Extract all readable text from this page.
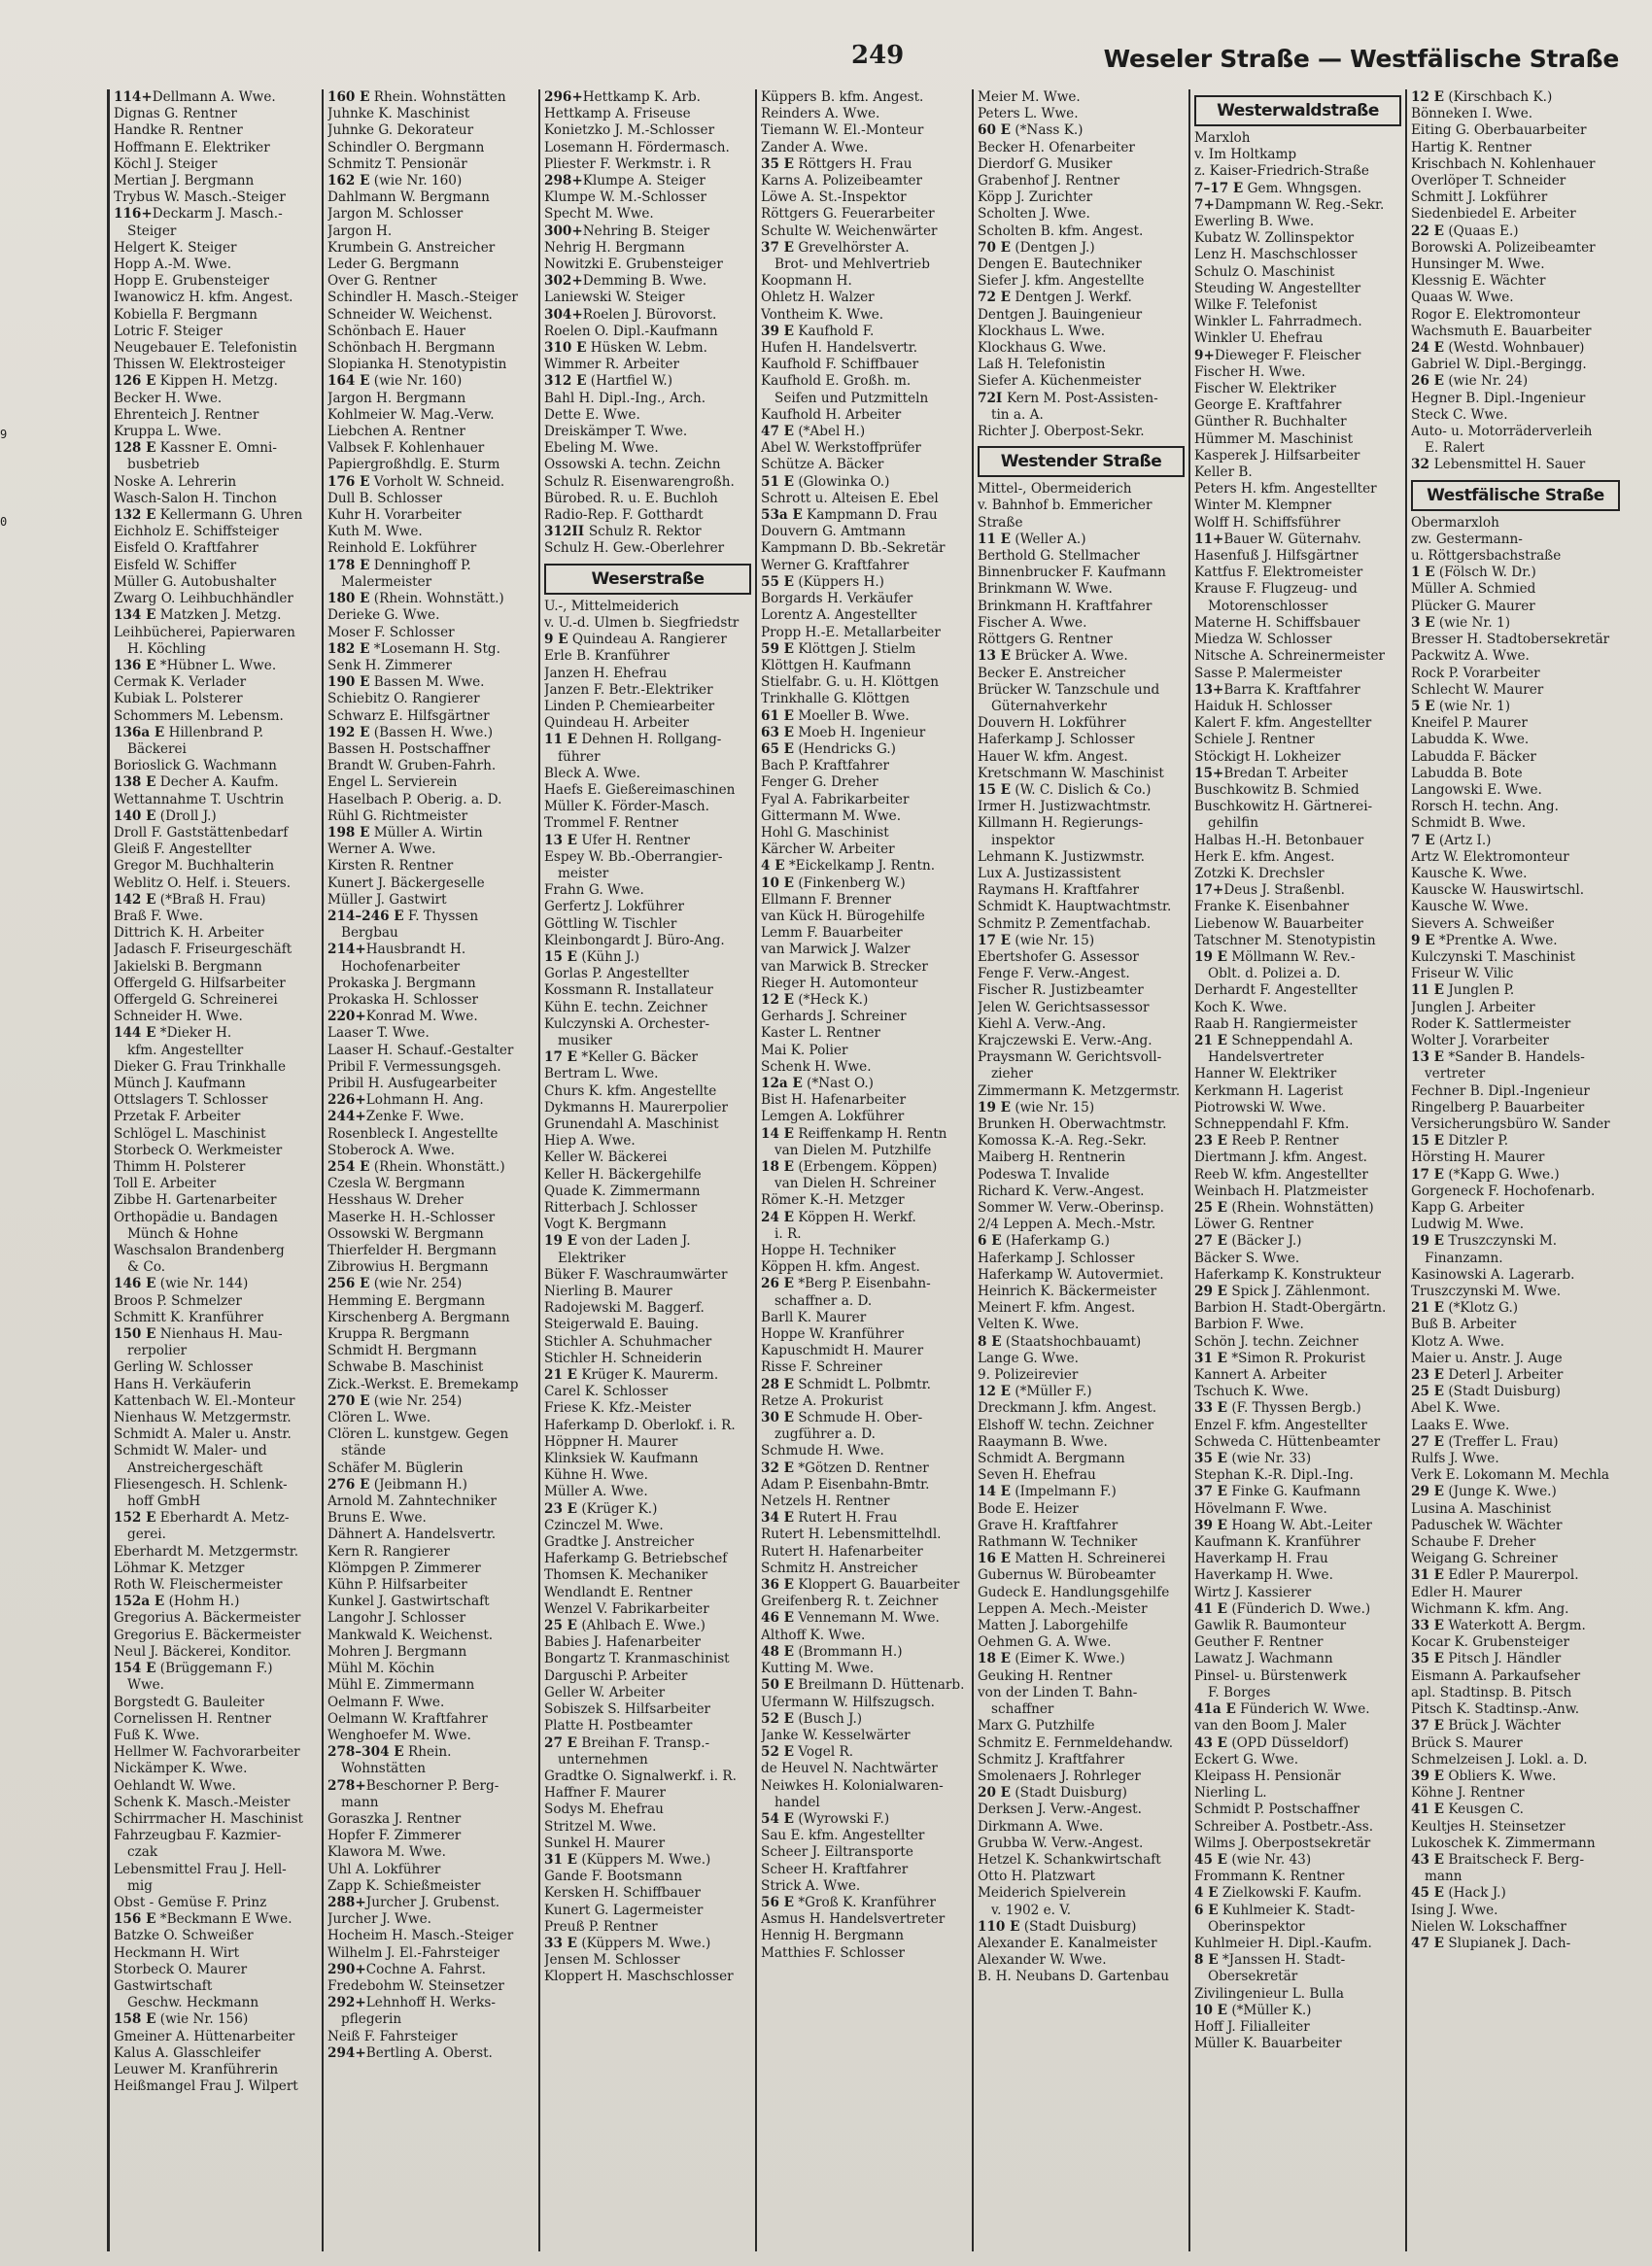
9
0
249	Weseler Straße — Westfälische Straße
114+Dellmann A. Wwe.
Dignas G. Rentner
Handke R. Rentner
Hoffmann E. Elektriker
Köchl J. Steiger
Mertian J. Bergmann
Trybus W. Masch.-Steiger
116+Deckarm J. Masch.-
Steiger
Helgert K. Steiger
Hopp A.-M. Wwe.
Hopp E. Grubensteiger
Iwanowicz H. kfm. Angest.
Kobiella F. Bergmann
Lotric F. Steiger
Neugebauer E. Telefonistin
Thissen W. Elektrosteiger
126 E Kippen H. Metzg.
Becker H. Wwe.
Ehrenteich J. Rentner
Kruppa L. Wwe.
128 E Kassner E. Omni-
busbetrieb
Noske A. Lehrerin
Wasch-Salon H. Tinchon
132 E Kellermann G. Uhren
Eichholz E. Schiffsteiger
Eisfeld O. Kraftfahrer
Eisfeld W. Schiffer
Müller G. Autobushalter
Zwarg O. Leihbuchhändler
134 E Matzken J. Metzg.
Leihbücherei, Papierwaren
H. Köchling
136 E *Hübner L. Wwe.
Cermak K. Verlader
Kubiak L. Polsterer
Schommers M. Lebensm.
136a E Hillenbrand P.
Bäckerei
Borioslick G. Wachmann
138 E Decher A. Kaufm.
Wettannahme T. Uschtrin
140 E (Droll J.)
Droll F. Gaststättenbedarf
Gleiß F. Angestellter
Gregor M. Buchhalterin
Weblitz O. Helf. i. Steuers.
142 E (*Braß H. Frau)
Braß F. Wwe.
Dittrich K. H. Arbeiter
Jadasch F. Friseurgeschäft
Jakielski B. Bergmann
Offergeld G. Hilfsarbeiter
Offergeld G. Schreinerei
Schneider H. Wwe.
144 E *Dieker H.
kfm. Angestellter
Dieker G. Frau Trinkhalle
Münch J. Kaufmann
Ottslagers T. Schlosser
Przetak F. Arbeiter
Schlögel L. Maschinist
Storbeck O. Werkmeister
Thimm H. Polsterer
Toll E. Arbeiter
Zibbe H. Gartenarbeiter
Orthopädie u. Bandagen
Münch & Hohne
Waschsalon Brandenberg
& Co.
146 E (wie Nr. 144)
Broos P. Schmelzer
Schmitt K. Kranführer
150 E Nienhaus H. Mau-
rerpolier
Gerling W. Schlosser
Hans H. Verkäuferin
Kattenbach W. El.-Monteur
Nienhaus W. Metzgermstr.
Schmidt A. Maler u. Anstr.
Schmidt W. Maler- und
Anstreichergeschäft
Fliesengesch. H. Schlenk-
hoff GmbH
152 E Eberhardt A. Metz-
gerei.
Eberhardt M. Metzgermstr.
Löhmar K. Metzger
Roth W. Fleischermeister
152a E (Hohm H.)
Gregorius A. Bäckermeister
Gregorius E. Bäckermeister
Neul J. Bäckerei, Konditor.
154 E (Brüggemann F.)
Wwe.
Borgstedt G. Bauleiter
Cornelissen H. Rentner
Fuß K. Wwe.
Hellmer W. Fachvorarbeiter
Nickämper K. Wwe.
Oehlandt W. Wwe.
Schenk K. Masch.-Meister
Schirrmacher H. Maschinist
Fahrzeugbau F. Kazmier-
czak
Lebensmittel Frau J. Hell-
mig
Obst - Gemüse F. Prinz
156 E *Beckmann E Wwe.
Batzke O. Schweißer
Heckmann H. Wirt
Storbeck O. Maurer
Gastwirtschaft
Geschw. Heckmann
158 E (wie Nr. 156)
Gmeiner A. Hüttenarbeiter
Kalus A. Glasschleifer
Leuwer M. Kranführerin
Heißmangel Frau J. Wilpert
160 E Rhein. Wohnstätten
Juhnke K. Maschinist
Juhnke G. Dekorateur
Schindler O. Bergmann
Schmitz T. Pensionär
162 E (wie Nr. 160)
Dahlmann W. Bergmann
Jargon M. Schlosser
Jargon H.
Krumbein G. Anstreicher
Leder G. Bergmann
Over G. Rentner
Schindler H. Masch.-Steiger
Schneider W. Weichenst.
Schönbach E. Hauer
Schönbach H. Bergmann
Slopianka H. Stenotypistin
164 E (wie Nr. 160)
Jargon H. Bergmann
Kohlmeier W. Mag.-Verw.
Liebchen A. Rentner
Valbsek F. Kohlenhauer
Papiergroßhdlg. E. Sturm
176 E Vorholt W. Schneid.
Dull B. Schlosser
Kuhr H. Vorarbeiter
Kuth M. Wwe.
Reinhold E. Lokführer
178 E Denninghoff P.
Malermeister
180 E (Rhein. Wohnstätt.)
Derieke G. Wwe.
Moser F. Schlosser
182 E *Losemann H. Stg.
Senk H. Zimmerer
190 E Bassen M. Wwe.
Schiebitz O. Rangierer
Schwarz E. Hilfsgärtner
192 E (Bassen H. Wwe.)
Bassen H. Postschaffner
Brandt W. Gruben-Fahrh.
Engel L. Servierein
Haselbach P. Oberig. a. D.
Rühl G. Richtmeister
198 E Müller A. Wirtin
Werner A. Wwe.
Kirsten R. Rentner
Kunert J. Bäckergeselle
Müller J. Gastwirt
214–246 E F. Thyssen
Bergbau
214+Hausbrandt H.
Hochofenarbeiter
Prokaska J. Bergmann
Prokaska H. Schlosser
220+Konrad M. Wwe.
Laaser T. Wwe.
Laaser H. Schauf.-Gestalter
Pribil F. Vermessungsgeh.
Pribil H. Ausfugearbeiter
226+Lohmann H. Ang.
244+Zenke F. Wwe.
Rosenbleck I. Angestellte
Stoberock A. Wwe.
254 E (Rhein. Whonstätt.)
Czesla W. Bergmann
Hesshaus W. Dreher
Maserke H. H.-Schlosser
Ossowski W. Bergmann
Thierfelder H. Bergmann
Zibrowius H. Bergmann
256 E (wie Nr. 254)
Hemming E. Bergmann
Kirschenberg A. Bergmann
Kruppa R. Bergmann
Schmidt H. Bergmann
Schwabe B. Maschinist
Zick.-Werkst. E. Bremekamp
270 E (wie Nr. 254)
Clören L. Wwe.
Clören L. kunstgew. Gegen
stände
Schäfer M. Büglerin
276 E (Jeibmann H.)
Arnold M. Zahntechniker
Bruns E. Wwe.
Dähnert A. Handelsvertr.
Kern R. Rangierer
Klömpgen P. Zimmerer
Kühn P. Hilfsarbeiter
Kunkel J. Gastwirtschaft
Langohr J. Schlosser
Mankwald K. Weichenst.
Mohren J. Bergmann
Mühl M. Köchin
Mühl E. Zimmermann
Oelmann F. Wwe.
Oelmann W. Kraftfahrer
Wenghoefer M. Wwe.
278–304 E Rhein.
Wohnstätten
278+Beschorner P. Berg-
mann
Goraszka J. Rentner
Hopfer F. Zimmerer
Klawora M. Wwe.
Uhl A. Lokführer
Zapp K. Schießmeister
288+Jurcher J. Grubenst.
Jurcher J. Wwe.
Hocheim H. Masch.-Steiger
Wilhelm J. El.-Fahrsteiger
290+Cochne A. Fahrst.
Fredebohm W. Steinsetzer
292+Lehnhoff H. Werks-
pflegerin
Neiß F. Fahrsteiger
294+Bertling A. Oberst.
296+Hettkamp K. Arb.
Hettkamp A. Friseuse
Konietzko J. M.-Schlosser
Losemann H. Fördermasch.
Pliester F. Werkmstr. i. R
298+Klumpe A. Steiger
Klumpe W. M.-Schlosser
Specht M. Wwe.
300+Nehring B. Steiger
Nehrig H. Bergmann
Nowitzki E. Grubensteiger
302+Demming B. Wwe.
Laniewski W. Steiger
304+Roelen J. Bürovorst.
Roelen O. Dipl.-Kaufmann
310 E Hüsken W. Lebm.
Wimmer R. Arbeiter
312 E (Hartfiel W.)
Bahl H. Dipl.-Ing., Arch.
Dette E. Wwe.
Dreiskämper T. Wwe.
Ebeling M. Wwe.
Ossowski A. techn. Zeichn
Schulz R. Eisenwarengroßh.
Bürobed. R. u. E. Buchloh
Radio-Rep. F. Gotthardt
312II Schulz R. Rektor
Schulz H. Gew.-Oberlehrer
Weserstraße
U.-, Mittelmeiderich
v. U.-d. Ulmen b. Siegfriedstr
9 E Quindeau A. Rangierer
Erle B. Kranführer
Janzen H. Ehefrau
Janzen F. Betr.-Elektriker
Linden P. Chemiearbeiter
Quindeau H. Arbeiter
11 E Dehnen H. Rollgang-
führer
Bleck A. Wwe.
Haefs E. Gießereimaschinen
Müller K. Förder-Masch.
Trommel F. Rentner
13 E Ufer H. Rentner
Espey W. Bb.-Oberrangier-
meister
Frahn G. Wwe.
Gerfertz J. Lokführer
Göttling W. Tischler
Kleinbongardt J. Büro-Ang.
15 E (Kühn J.)
Gorlas P. Angestellter
Kossmann R. Installateur
Kühn E. techn. Zeichner
Kulczynski A. Orchester-
musiker
17 E *Keller G. Bäcker
Bertram L. Wwe.
Churs K. kfm. Angestellte
Dykmanns H. Maurerpolier
Grunendahl A. Maschinist
Hiep A. Wwe.
Keller W. Bäckerei
Keller H. Bäckergehilfe
Quade K. Zimmermann
Ritterbach J. Schlosser
Vogt K. Bergmann
19 E von der Laden J.
Elektriker
Büker F. Waschraumwärter
Nierling B. Maurer
Radojewski M. Baggerf.
Steigerwald E. Bauing.
Stichler A. Schuhmacher
Stichler H. Schneiderin
21 E Krüger K. Maurerm.
Carel K. Schlosser
Friese K. Kfz.-Meister
Haferkamp D. Oberlokf. i. R.
Höppner H. Maurer
Klinksiek W. Kaufmann
Kühne H. Wwe.
Müller A. Wwe.
23 E (Krüger K.)
Czinczel M. Wwe.
Gradtke J. Anstreicher
Haferkamp G. Betriebschef
Thomsen K. Mechaniker
Wendlandt E. Rentner
Wenzel V. Fabrikarbeiter
25 E (Ahlbach E. Wwe.)
Babies J. Hafenarbeiter
Bongartz T. Kranmaschinist
Darguschi P. Arbeiter
Geller W. Arbeiter
Sobiszek S. Hilfsarbeiter
Platte H. Postbeamter
27 E Breihan F. Transp.-
unternehmen
Gradtke O. Signalwerkf. i. R.
Haffner F. Maurer
Sodys M. Ehefrau
Stritzel M. Wwe.
Sunkel H. Maurer
31 E (Küppers M. Wwe.)
Gande F. Bootsmann
Kersken H. Schiffbauer
Kunert G. Lagermeister
Preuß P. Rentner
33 E (Küppers M. Wwe.)
Jensen M. Schlosser
Kloppert H. Maschschlosser
Küppers B. kfm. Angest.
Reinders A. Wwe.
Tiemann W. El.-Monteur
Zander A. Wwe.
35 E Röttgers H. Frau
Karns A. Polizeibeamter
Löwe A. St.-Inspektor
Röttgers G. Feuerarbeiter
Schulte W. Weichenwärter
37 E Grevelhörster A.
Brot- und Mehlvertrieb
Koopmann H.
Ohletz H. Walzer
Vontheim K. Wwe.
39 E Kaufhold F.
Hufen H. Handelsvertr.
Kaufhold F. Schiffbauer
Kaufhold E. Großh. m.
Seifen und Putzmitteln
Kaufhold H. Arbeiter
47 E (*Abel H.)
Abel W. Werkstoffprüfer
Schütze A. Bäcker
51 E (Glowinka O.)
Schrott u. Alteisen E. Ebel
53a E Kampmann D. Frau
Douvern G. Amtmann
Kampmann D. Bb.-Sekretär
Werner G. Kraftfahrer
55 E (Küppers H.)
Borgards H. Verkäufer
Lorentz A. Angestellter
Propp H.-E. Metallarbeiter
59 E Klöttgen J. Stielm
Klöttgen H. Kaufmann
Stielfabr. G. u. H. Klöttgen
Trinkhalle G. Klöttgen
61 E Moeller B. Wwe.
63 E Moeb H. Ingenieur
65 E (Hendricks G.)
Bach P. Kraftfahrer
Fenger G. Dreher
Fyal A. Fabrikarbeiter
Gittermann M. Wwe.
Hohl G. Maschinist
Kärcher W. Arbeiter
4 E *Eickelkamp J. Rentn.
10 E (Finkenberg W.)
Ellmann F. Brenner
van Kück H. Bürogehilfe
Lemm F. Bauarbeiter
van Marwick J. Walzer
van Marwick B. Strecker
Rieger H. Automonteur
12 E (*Heck K.)
Gerhards J. Schreiner
Kaster L. Rentner
Mai K. Polier
Schenk H. Wwe.
12a E (*Nast O.)
Bist H. Hafenarbeiter
Lemgen A. Lokführer
14 E Reiffenkamp H. Rentn
van Dielen M. Putzhilfe
18 E (Erbengem. Köppen)
van Dielen H. Schreiner
Römer K.-H. Metzger
24 E Köppen H. Werkf.
i. R.
Hoppe H. Techniker
Köppen H. kfm. Angest.
26 E *Berg P. Eisenbahn-
schaffner a. D.
Barll K. Maurer
Hoppe W. Kranführer
Kapuschmidt H. Maurer
Risse F. Schreiner
28 E Schmidt L. Polbmtr.
Retze A. Prokurist
30 E Schmude H. Ober-
zugführer a. D.
Schmude H. Wwe.
32 E *Götzen D. Rentner
Adam P. Eisenbahn-Bmtr.
Netzels H. Rentner
34 E Rutert H. Frau
Rutert H. Lebensmittelhdl.
Rutert H. Hafenarbeiter
Schmitz H. Anstreicher
36 E Kloppert G. Bauarbeiter
Greifenberg R. t. Zeichner
46 E Vennemann M. Wwe.
Althoff K. Wwe.
48 E (Brommann H.)
Kutting M. Wwe.
50 E Breilmann D. Hüttenarb.
Ufermann W. Hilfszugsch.
52 E (Busch J.)
Janke W. Kesselwärter
52 E Vogel R.
de Heuvel N. Nachtwärter
Neiwkes H. Kolonialwaren-
handel
54 E (Wyrowski F.)
Sau E. kfm. Angestellter
Scheer J. Eiltransporte
Scheer H. Kraftfahrer
Strick A. Wwe.
56 E *Groß K. Kranführer
Asmus H. Handelsvertreter
Hennig H. Bergmann
Matthies F. Schlosser
Meier M. Wwe.
Peters L. Wwe.
60 E (*Nass K.)
Becker H. Ofenarbeiter
Dierdorf G. Musiker
Grabenhof J. Rentner
Köpp J. Zurichter
Scholten J. Wwe.
Scholten B. kfm. Angest.
70 E (Dentgen J.)
Dengen E. Bautechniker
Siefer J. kfm. Angestellte
72 E Dentgen J. Werkf.
Dentgen J. Bauingenieur
Klockhaus L. Wwe.
Klockhaus G. Wwe.
Laß H. Telefonistin
Siefer A. Küchenmeister
72I Kern M. Post-Assisten-
tin a. A.
Richter J. Oberpost-Sekr.
Westender Straße
Mittel-, Obermeiderich
v. Bahnhof b. Emmericher
Straße
11 E (Weller A.)
Berthold G. Stellmacher
Binnenbrucker F. Kaufmann
Brinkmann W. Wwe.
Brinkmann H. Kraftfahrer
Fischer A. Wwe.
Röttgers G. Rentner
13 E Brücker A. Wwe.
Becker E. Anstreicher
Brücker W. Tanzschule und
Güternahverkehr
Douvern H. Lokführer
Haferkamp J. Schlosser
Hauer W. kfm. Angest.
Kretschmann W. Maschinist
15 E (W. C. Dislich & Co.)
Irmer H. Justizwachtmstr.
Killmann H. Regierungs-
inspektor
Lehmann K. Justizwmstr.
Lux A. Justizassistent
Raymans H. Kraftfahrer
Schmidt K. Hauptwachtmstr.
Schmitz P. Zementfachab.
17 E (wie Nr. 15)
Ebertshofer G. Assessor
Fenge F. Verw.-Angest.
Fischer R. Justizbeamter
Jelen W. Gerichtsassessor
Kiehl A. Verw.-Ang.
Krajczewski E. Verw.-Ang.
Praysmann W. Gerichtsvoll-
zieher
Zimmermann K. Metzgermstr.
19 E (wie Nr. 15)
Brunken H. Oberwachtmstr.
Komossa K.-A. Reg.-Sekr.
Maiberg H. Rentnerin
Podeswa T. Invalide
Richard K. Verw.-Angest.
Sommer W. Verw.-Oberinsp.
2/4 Leppen A. Mech.-Mstr.
6 E (Haferkamp G.)
Haferkamp J. Schlosser
Haferkamp W. Autovermiet.
Heinrich K. Bäckermeister
Meinert F. kfm. Angest.
Velten K. Wwe.
8 E (Staatshochbauamt)
Lange G. Wwe.
9. Polizeirevier
12 E (*Müller F.)
Dreckmann J. kfm. Angest.
Elshoff W. techn. Zeichner
Raaymann B. Wwe.
Schmidt A. Bergmann
Seven H. Ehefrau
14 E (Impelmann F.)
Bode E. Heizer
Grave H. Kraftfahrer
Rathmann W. Techniker
16 E Matten H. Schreinerei
Gubernus W. Bürobeamter
Gudeck E. Handlungsgehilfe
Leppen A. Mech.-Meister
Matten J. Laborgehilfe
Oehmen G. A. Wwe.
18 E (Eimer K. Wwe.)
Geuking H. Rentner
von der Linden T. Bahn-
schaffner
Marx G. Putzhilfe
Schmitz E. Fernmeldehandw.
Schmitz J. Kraftfahrer
Smolenaers J. Rohrleger
20 E (Stadt Duisburg)
Derksen J. Verw.-Angest.
Dirkmann A. Wwe.
Grubba W. Verw.-Angest.
Hetzel K. Schankwirtschaft
Otto H. Platzwart
Meiderich Spielverein
v. 1902 e. V.
110 E (Stadt Duisburg)
Alexander E. Kanalmeister
Alexander W. Wwe.
B. H. Neubans D. Gartenbau
Westerwaldstraße
Marxloh
v. Im Holtkamp
z. Kaiser-Friedrich-Straße
7–17 E Gem. Whngsgen.
7+Dampmann W. Reg.-Sekr.
Ewerling B. Wwe.
Kubatz W. Zollinspektor
Lenz H. Maschschlosser
Schulz O. Maschinist
Steuding W. Angestellter
Wilke F. Telefonist
Winkler L. Fahrradmech.
Winkler U. Ehefrau
9+Dieweger F. Fleischer
Fischer H. Wwe.
Fischer W. Elektriker
George E. Kraftfahrer
Günther R. Buchhalter
Hümmer M. Maschinist
Kasperek J. Hilfsarbeiter
Keller B.
Peters H. kfm. Angestellter
Winter M. Klempner
Wolff H. Schiffsführer
11+Bauer W. Güternahv.
Hasenfuß J. Hilfsgärtner
Kattfus F. Elektromeister
Krause F. Flugzeug- und
Motorenschlosser
Materne H. Schiffsbauer
Miedza W. Schlosser
Nitsche A. Schreinermeister
Sasse P. Malermeister
13+Barra K. Kraftfahrer
Haiduk H. Schlosser
Kalert F. kfm. Angestellter
Schiele J. Rentner
Stöckigt H. Lokheizer
15+Bredan T. Arbeiter
Buschkowitz B. Schmied
Buschkowitz H. Gärtnerei-
gehilfin
Halbas H.-H. Betonbauer
Herk E. kfm. Angest.
Zotzki K. Drechsler
17+Deus J. Straßenbl.
Franke K. Eisenbahner
Liebenow W. Bauarbeiter
Tatschner M. Stenotypistin
19 E Möllmann W. Rev.-
Oblt. d. Polizei a. D.
Derhardt F. Angestellter
Koch K. Wwe.
Raab H. Rangiermeister
21 E Schneppendahl A.
Handelsvertreter
Hanner W. Elektriker
Kerkmann H. Lagerist
Piotrowski W. Wwe.
Schneppendahl F. Kfm.
23 E Reeb P. Rentner
Diertmann J. kfm. Angest.
Reeb W. kfm. Angestellter
Weinbach H. Platzmeister
25 E (Rhein. Wohnstätten)
Löwer G. Rentner
27 E (Bäcker J.)
Bäcker S. Wwe.
Haferkamp K. Konstrukteur
29 E Spick J. Zählenmont.
Barbion H. Stadt-Obergärtn.
Barbion F. Wwe.
Schön J. techn. Zeichner
31 E *Simon R. Prokurist
Kannert A. Arbeiter
Tschuch K. Wwe.
33 E (F. Thyssen Bergb.)
Enzel F. kfm. Angestellter
Schweda C. Hüttenbeamter
35 E (wie Nr. 33)
Stephan K.-R. Dipl.-Ing.
37 E Finke G. Kaufmann
Hövelmann F. Wwe.
39 E Hoang W. Abt.-Leiter
Kaufmann K. Kranführer
Haverkamp H. Frau
Haverkamp H. Wwe.
Wirtz J. Kassierer
41 E (Fünderich D. Wwe.)
Gawlik R. Baumonteur
Geuther F. Rentner
Lawatz J. Wachmann
Pinsel- u. Bürstenwerk
F. Borges
41a E Fünderich W. Wwe.
van den Boom J. Maler
43 E (OPD Düsseldorf)
Eckert G. Wwe.
Kleipass H. Pensionär
Nierling L.
Schmidt P. Postschaffner
Schreiber A. Postbetr.-Ass.
Wilms J. Oberpostsekretär
45 E (wie Nr. 43)
Frommann K. Rentner
4 E Zielkowski F. Kaufm.
6 E Kuhlmeier K. Stadt-
Oberinspektor
Kuhlmeier H. Dipl.-Kaufm.
8 E *Janssen H. Stadt-
Obersekretär
Zivilingenieur L. Bulla
10 E (*Müller K.)
Hoff J. Filialleiter
Müller K. Bauarbeiter
12 E (Kirschbach K.)
Bönneken I. Wwe.
Eiting G. Oberbauarbeiter
Hartig K. Rentner
Krischbach N. Kohlenhauer
Overlöper T. Schneider
Schmitt J. Lokführer
Siedenbiedel E. Arbeiter
22 E (Quaas E.)
Borowski A. Polizeibeamter
Hunsinger M. Wwe.
Klessnig E. Wächter
Quaas W. Wwe.
Rogor E. Elektromonteur
Wachsmuth E. Bauarbeiter
24 E (Westd. Wohnbauer)
Gabriel W. Dipl.-Bergingg.
26 E (wie Nr. 24)
Hegner B. Dipl.-Ingenieur
Steck C. Wwe.
Auto- u. Motorräderverleih
E. Ralert
32 Lebensmittel H. Sauer
Westfälische Straße
Obermarxloh
zw. Gestermann-
u. Röttgersbachstraße
1 E (Fölsch W. Dr.)
Müller A. Schmied
Plücker G. Maurer
3 E (wie Nr. 1)
Bresser H. Stadtobersekretär
Packwitz A. Wwe.
Rock P. Vorarbeiter
Schlecht W. Maurer
5 E (wie Nr. 1)
Kneifel P. Maurer
Labudda K. Wwe.
Labudda F. Bäcker
Labudda B. Bote
Langowski E. Wwe.
Rorsch H. techn. Ang.
Schmidt B. Wwe.
7 E (Artz I.)
Artz W. Elektromonteur
Kausche K. Wwe.
Kauscke W. Hauswirtschl.
Kausche W. Wwe.
Sievers A. Schweißer
9 E *Prentke A. Wwe.
Kulczynski T. Maschinist
Friseur W. Vilic
11 E Junglen P.
Junglen J. Arbeiter
Roder K. Sattlermeister
Wolter J. Vorarbeiter
13 E *Sander B. Handels-
vertreter
Fechner B. Dipl.-Ingenieur
Ringelberg P. Bauarbeiter
Versicherungsbüro W. Sander
15 E Ditzler P.
Hörsting H. Maurer
17 E (*Kapp G. Wwe.)
Gorgeneck F. Hochofenarb.
Kapp G. Arbeiter
Ludwig M. Wwe.
19 E Truszczynski M.
Finanzamn.
Kasinowski A. Lagerarb.
Truszczynski M. Wwe.
21 E (*Klotz G.)
Buß B. Arbeiter
Klotz A. Wwe.
Maier u. Anstr. J. Auge
23 E Deterl J. Arbeiter
25 E (Stadt Duisburg)
Abel K. Wwe.
Laaks E. Wwe.
27 E (Treffer L. Frau)
Rulfs J. Wwe.
Verk E. Lokomann M. Mechla
29 E (Junge K. Wwe.)
Lusina A. Maschinist
Paduschek W. Wächter
Schaube F. Dreher
Weigang G. Schreiner
31 E Edler P. Maurerpol.
Edler H. Maurer
Wichmann K. kfm. Ang.
33 E Waterkott A. Bergm.
Kocar K. Grubensteiger
35 E Pitsch J. Händler
Eismann A. Parkaufseher
apl. Stadtinsp. B. Pitsch
Pitsch K. Stadtinsp.-Anw.
37 E Brück J. Wächter
Brück S. Maurer
Schmelzeisen J. Lokl. a. D.
39 E Obliers K. Wwe.
Köhne J. Rentner
41 E Keusgen C.
Keultjes H. Steinsetzer
Lukoschek K. Zimmermann
43 E Braitscheck F. Berg-
mann
45 E (Hack J.)
Ising J. Wwe.
Nielen W. Lokschaffner
47 E Slupianek J. Dach-
